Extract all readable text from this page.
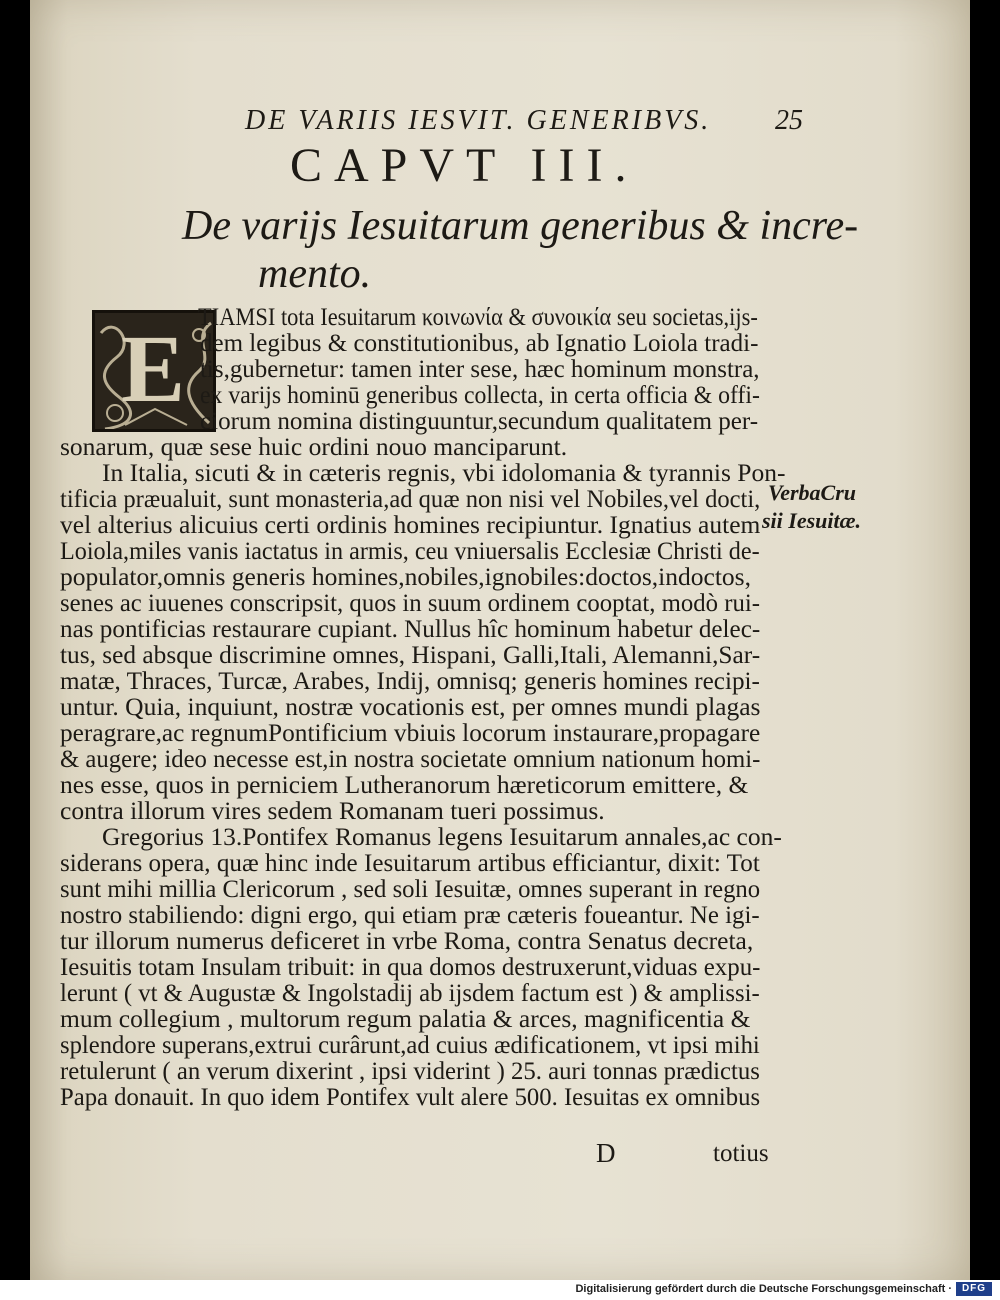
DE VARIIS IESVIT. GENERIBVS. 25
CAPVT III.
De varijs Iesuitarum generibus & incre-
mento.
E TIAMSI tota Iesuitarum κοινωνία & συνοικία seu societas,ijs-
dem legibus & constitutionibus, ab Ignatio Loiola tradi-
tis,gubernetur: tamen inter sese, hæc hominum monstra,
ex varijs hominū generibus collecta, in certa officia & offi-
ciorum nomina distinguuntur,secundum qualitatem per-
sonarum, quæ sese huic ordini nouo manciparunt.
In Italia, sicuti & in cæteris regnis, vbi idolomania & tyrannis Pon-
tificia præualuit, sunt monasteria,ad quæ non nisi vel Nobiles,vel docti,
vel alterius alicuius certi ordinis homines recipiuntur. Ignatius autem
Loiola,miles vanis iactatus in armis, ceu vniuersalis Ecclesiæ Christi de-
populator,omnis generis homines,nobiles,ignobiles:doctos,indoctos,
senes ac iuuenes conscripsit, quos in suum ordinem cooptat, modò rui-
nas pontificias restaurare cupiant. Nullus hîc hominum habetur delec-
tus, sed absque discrimine omnes, Hispani, Galli,Itali, Alemanni,Sar-
matæ, Thraces, Turcæ, Arabes, Indij, omnisq; generis homines recipi-
untur. Quia, inquiunt, nostræ vocationis est, per omnes mundi plagas
peragrare,ac regnumPontificium vbiuis locorum instaurare,propagare
& augere; ideo necesse est,in nostra societate omnium nationum homi-
nes esse, quos in perniciem Lutheranorum hæreticorum emittere, &
contra illorum vires sedem Romanam tueri possimus.
Gregorius 13.Pontifex Romanus legens Iesuitarum annales,ac con-
siderans opera, quæ hinc inde Iesuitarum artibus efficiantur, dixit: Tot
sunt mihi millia Clericorum , sed soli Iesuitæ, omnes superant in regno
nostro stabiliendo: digni ergo, qui etiam præ cæteris foueantur. Ne igi-
tur illorum numerus deficeret in vrbe Roma, contra Senatus decreta,
Iesuitis totam Insulam tribuit: in qua domos destruxerunt,viduas expu-
lerunt ( vt & Augustæ & Ingolstadij ab ijsdem factum est ) & amplissi-
mum collegium , multorum regum palatia & arces, magnificentia &
splendore superans,extrui curârunt,ad cuius ædificationem, vt ipsi mihi
retulerunt ( an verum dixerint , ipsi viderint ) 25. auri tonnas prædictus
Papa donauit. In quo idem Pontifex vult alere 500. Iesuitas ex omnibus
VerbaCru
sii Iesuitæ.
D	totius
Digitalisierung gefördert durch die Deutsche Forschungsgemeinschaft · DFG
